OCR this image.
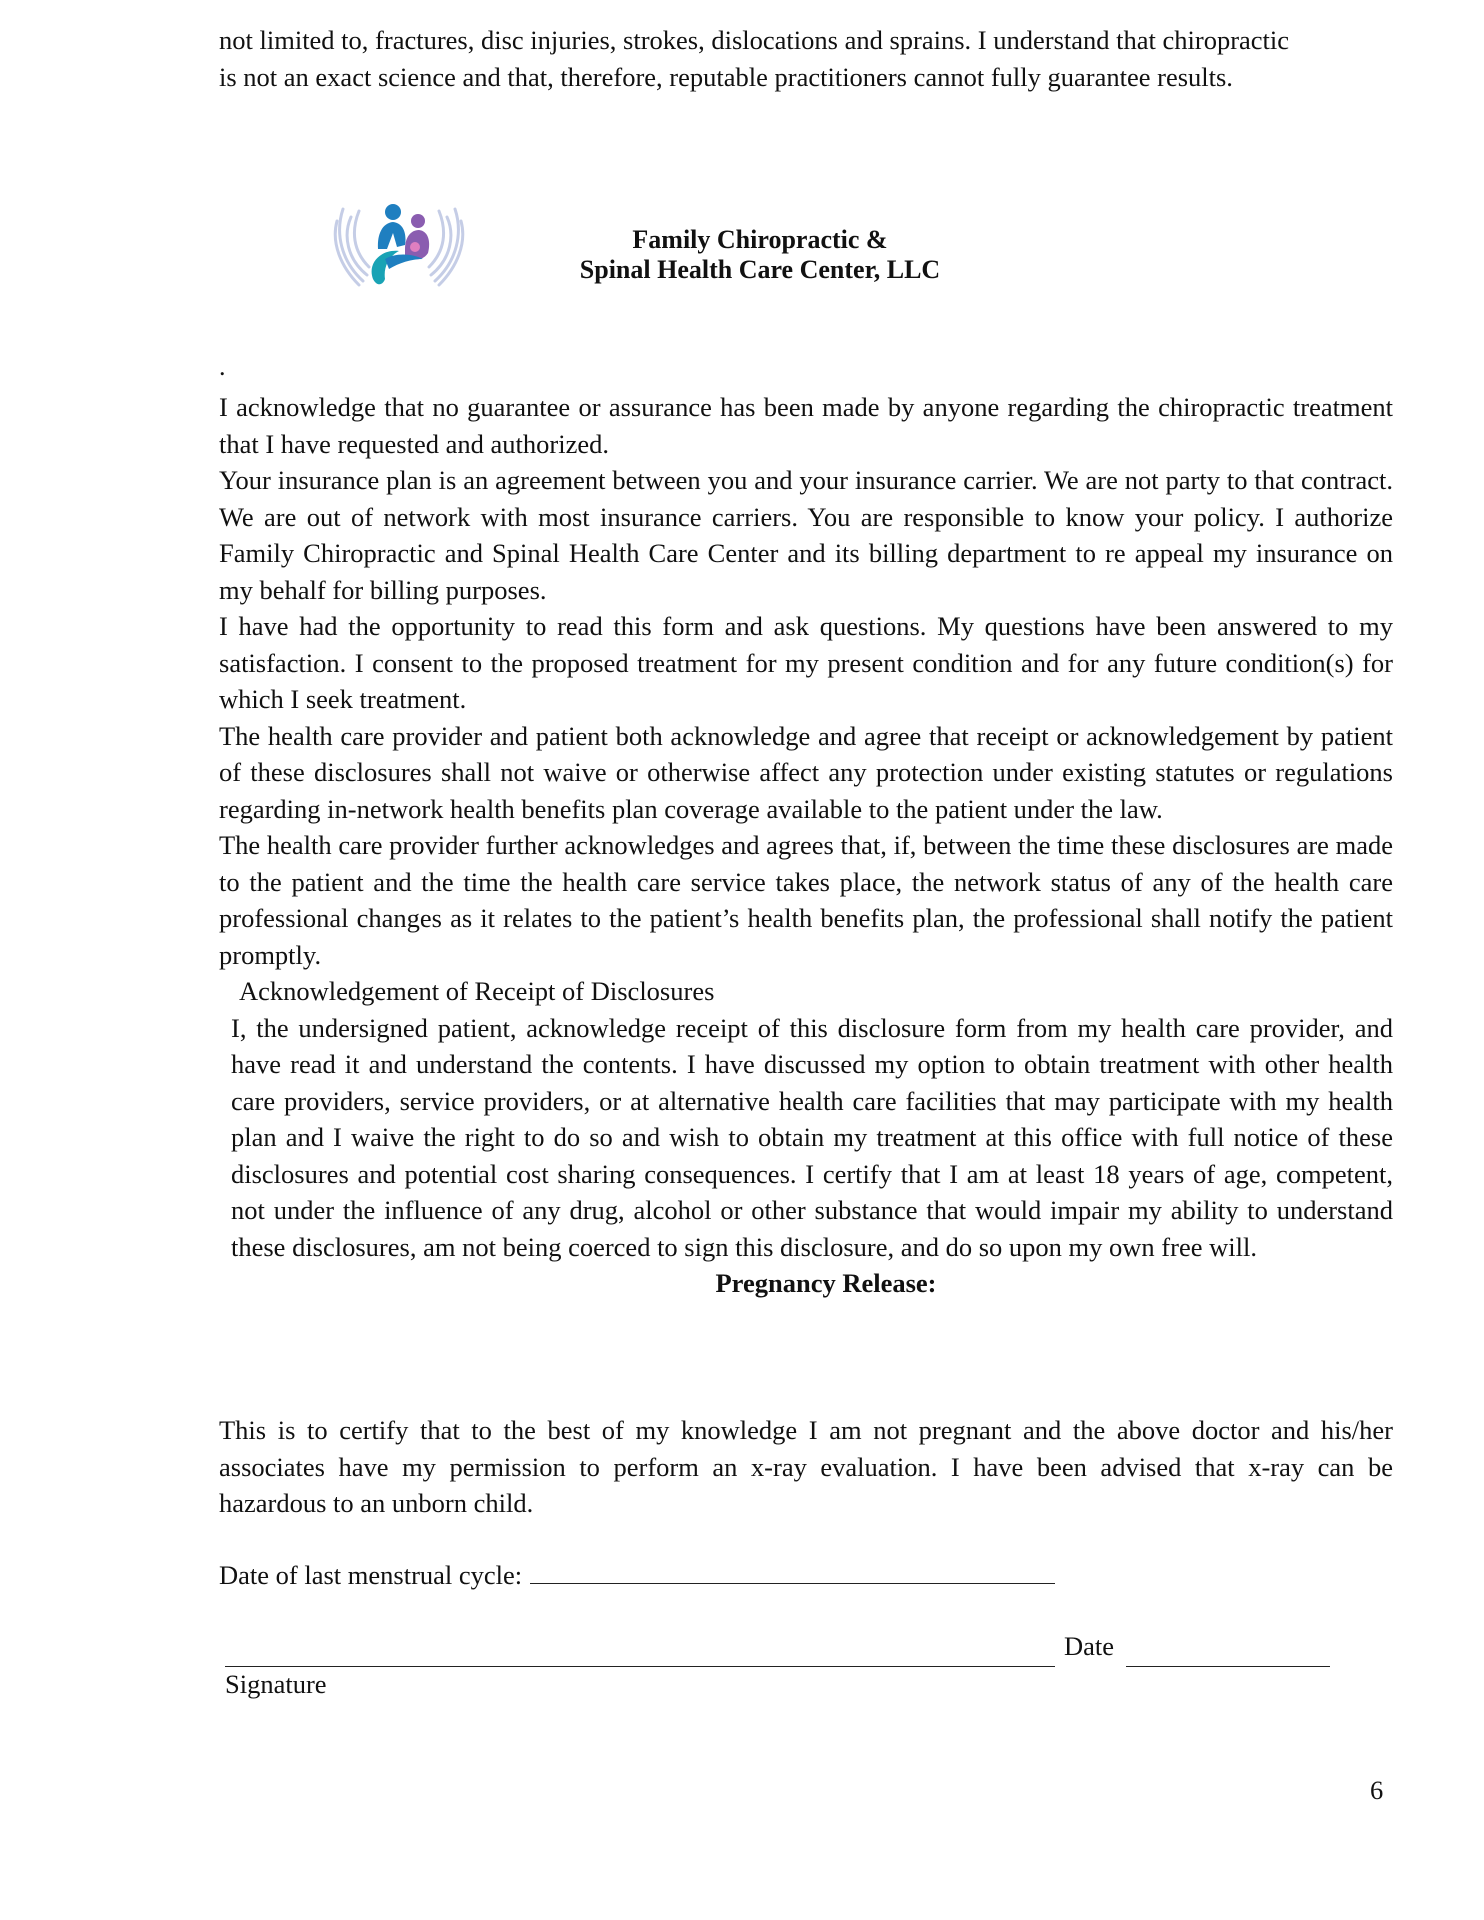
not limited to, fractures, disc injuries, strokes, dislocations and sprains. I understand that chiropractic is not an exact science and that, therefore, reputable practitioners cannot fully guarantee results.
Family Chiropractic &
Spinal Health Care Center, LLC
.

I acknowledge that no guarantee or assurance has been made by anyone regarding the chiropractic treatment that I have requested and authorized.

Your insurance plan is an agreement between you and your insurance carrier. We are not party to that contract. We are out of network with most insurance carriers. You are responsible to know your policy. I authorize Family Chiropractic and Spinal Health Care Center and its billing department to re appeal my insurance on my behalf for billing purposes.

I have had the opportunity to read this form and ask questions. My questions have been answered to my satisfaction. I consent to the proposed treatment for my present condition and for any future condition(s) for which I seek treatment.

The health care provider and patient both acknowledge and agree that receipt or acknowledgement by patient of these disclosures shall not waive or otherwise affect any protection under existing statutes or regulations regarding in-network health benefits plan coverage available to the patient under the law.

The health care provider further acknowledges and agrees that, if, between the time these disclosures are made to the patient and the time the health care service takes place, the network status of any of the health care professional changes as it relates to the patient’s health benefits plan, the professional shall notify the patient promptly.

Acknowledgement of Receipt of Disclosures

I, the undersigned patient, acknowledge receipt of this disclosure form from my health care provider, and have read it and understand the contents. I have discussed my option to obtain treatment with other health care providers, service providers, or at alternative health care facilities that may participate with my health plan and I waive the right to do so and wish to obtain my treatment at this office with full notice of these disclosures and potential cost sharing consequences. I certify that I am at least 18 years of age, competent, not under the influence of any drug, alcohol or other substance that would impair my ability to understand these disclosures, am not being coerced to sign this disclosure, and do so upon my own free will.

Pregnancy Release:

This is to certify that to the best of my knowledge I am not pregnant and the above doctor and his/her associates have my permission to perform an x-ray evaluation. I have been advised that x-ray can be hazardous to an unborn child.

Date of last menstrual cycle:
Date
Signature
6
